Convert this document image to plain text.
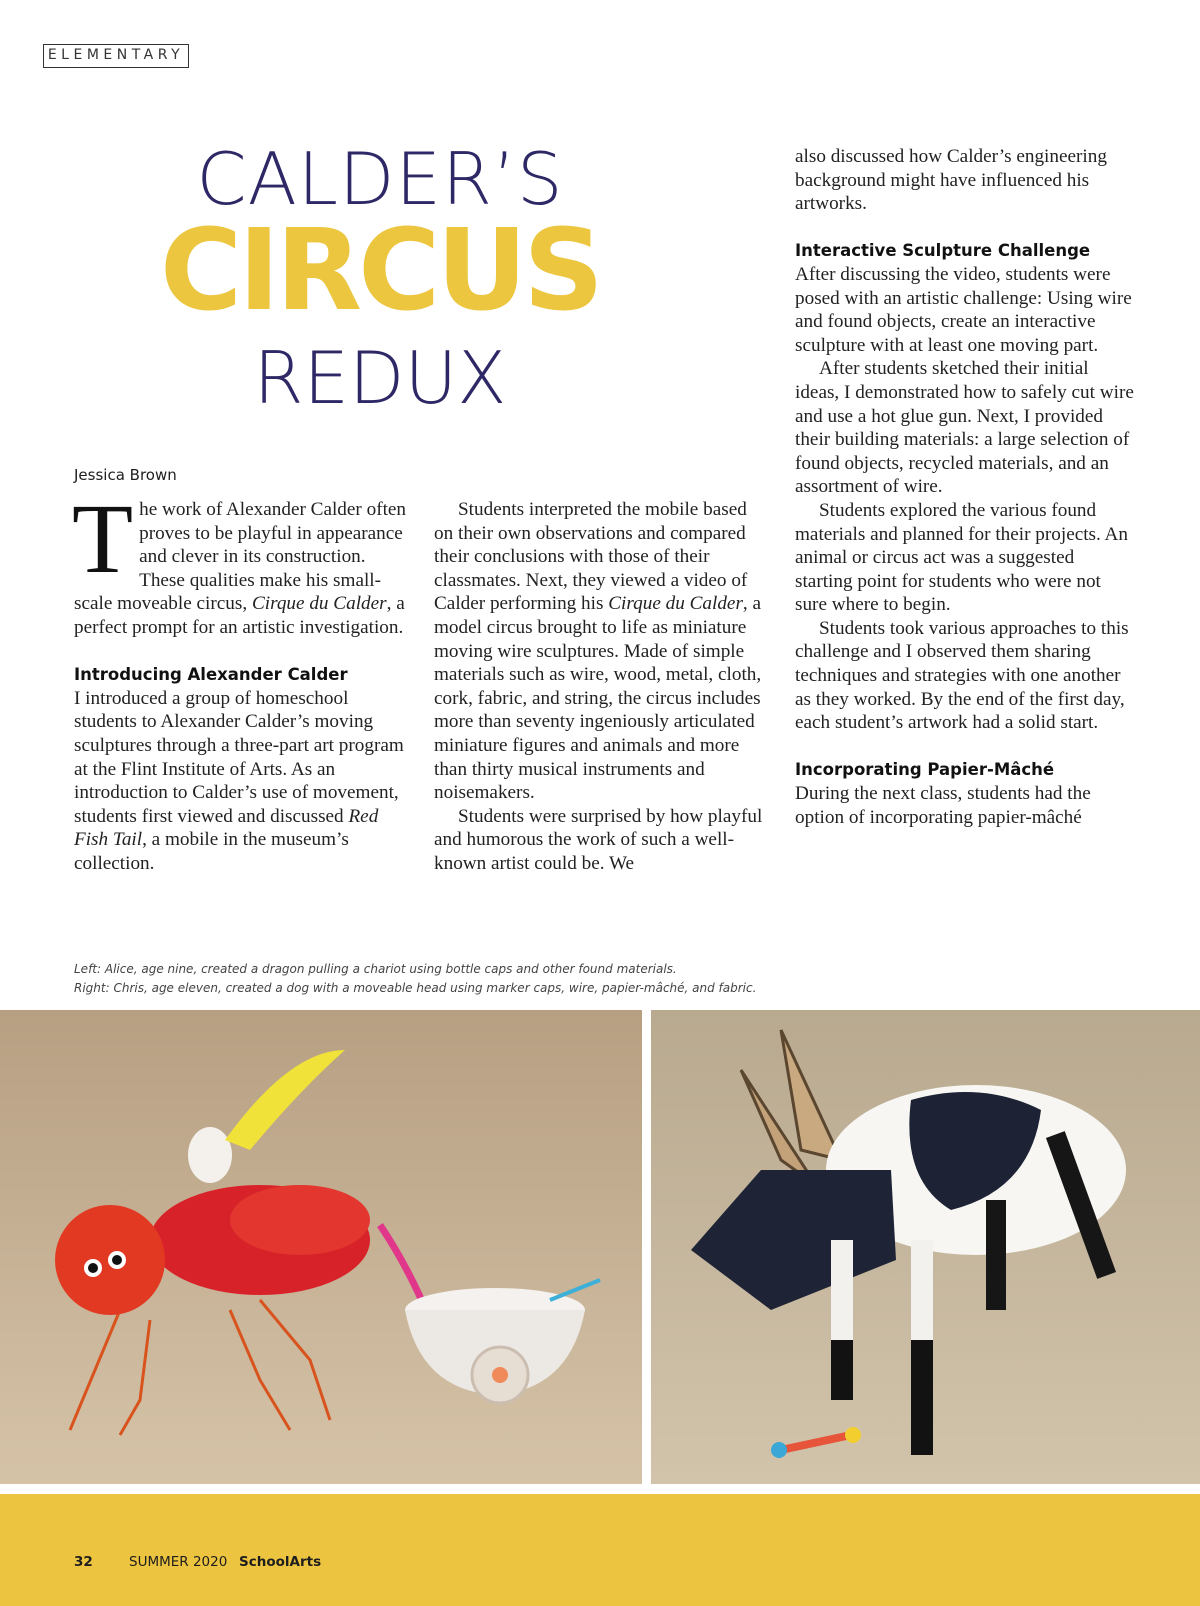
ELEMENTARY
CALDER’S
CIRCUS
REDUX
Jessica Brown

The work of Alexander Calder often proves to be playful in appearance and clever in its construction. These qualities make his small-scale moveable circus, Cirque du Calder, a perfect prompt for an artistic investigation.

Introducing Alexander Calder

I introduced a group of homeschool students to Alexander Calder’s moving sculptures through a three-part art program at the Flint Institute of Arts. As an introduction to Calder’s use of movement, students first viewed and discussed Red Fish Tail, a mobile in the museum’s collection.

Students interpreted the mobile based on their own observations and compared their conclusions with those of their classmates. Next, they viewed a video of Calder performing his Cirque du Calder, a model circus brought to life as miniature moving wire sculptures. Made of simple materials such as wire, wood, metal, cloth, cork, fabric, and string, the circus includes more than seventy ingeniously articulated miniature figures and animals and more than thirty musical instruments and noisemakers.

Students were surprised by how playful and humorous the work of such a well-known artist could be. We

also discussed how Calder’s engineering background might have influenced his artworks.

Interactive Sculpture Challenge

After discussing the video, students were posed with an artistic challenge: Using wire and found objects, create an interactive sculpture with at least one moving part.

After students sketched their initial ideas, I demonstrated how to safely cut wire and use a hot glue gun. Next, I provided their building materials: a large selection of found objects, recycled materials, and an assortment of wire.

Students explored the various found materials and planned for their projects. An animal or circus act was a suggested starting point for students who were not sure where to begin.

Students took various approaches to this challenge and I observed them sharing techniques and strategies with one another as they worked. By the end of the first day, each student’s artwork had a solid start.

Incorporating Papier-Mâché

During the next class, students had the option of incorporating papier-mâché

Left: Alice, age nine, created a dragon pulling a chariot using bottle caps and other found materials.
Right: Chris, age eleven, created a dog with a moveable head using marker caps, wire, papier-mâché, and fabric.
32	SUMMER 2020 SchoolArts
